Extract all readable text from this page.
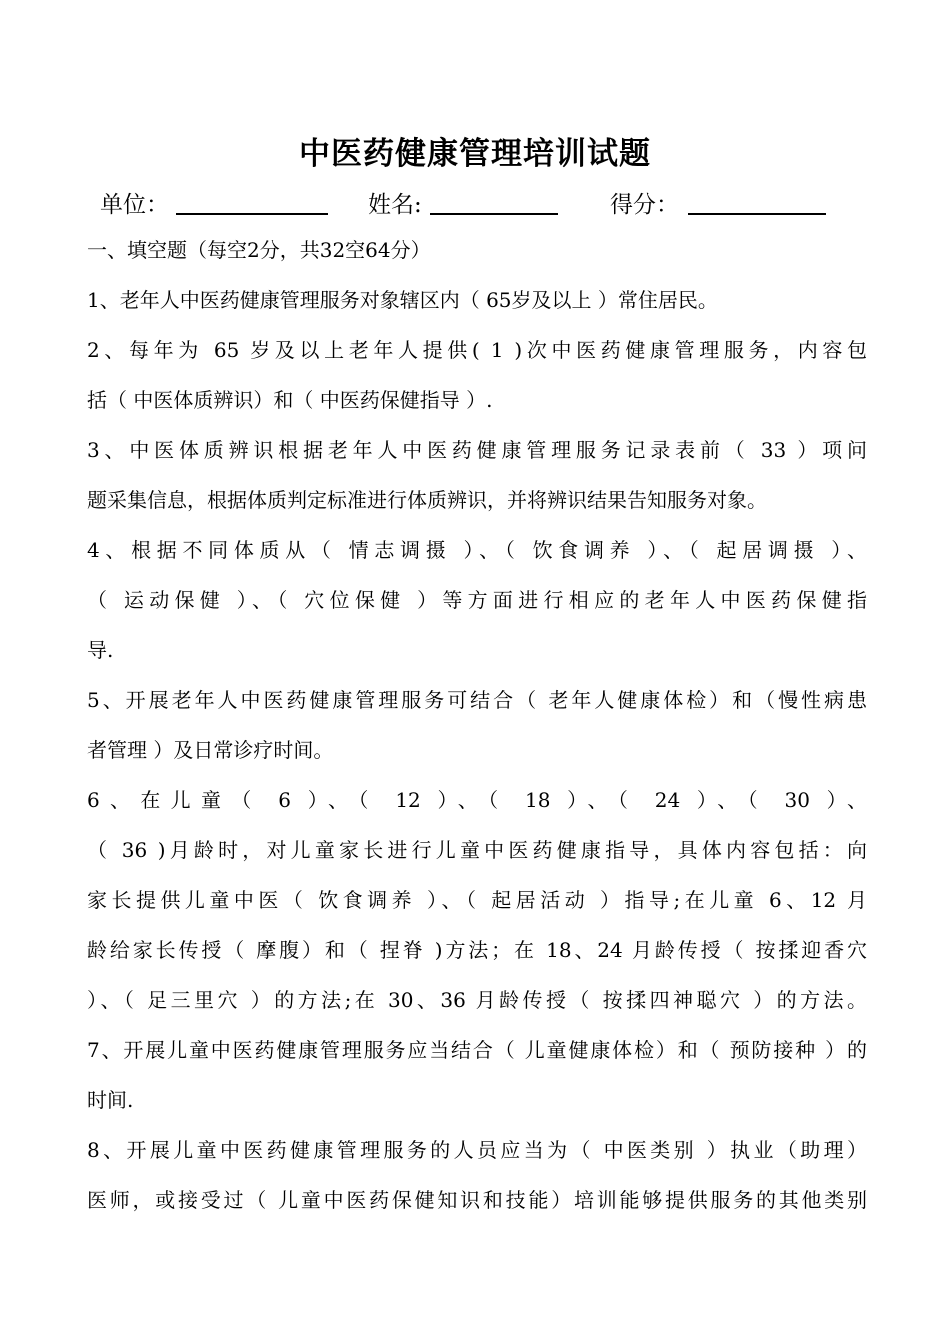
中医药健康管理培训试题
单位：	姓名:	得分：
一、填空题（每空2分，共32空64分）
1、老年人中医药健康管理服务对象辖区内（ 65岁及以上 ）常住居民。
2、每年为 65 岁及以上老年人提供( 1 )次中医药健康管理服务，内容包
括（ 中医体质辨识）和（ 中医药保健指导 ）.
3、中医体质辨识根据老年人中医药健康管理服务记录表前（ 33 ）项问
题采集信息，根据体质判定标准进行体质辨识，并将辨识结果告知服务对象。
4、根据不同体质从（ 情志调摄 ）、（ 饮食调养 ）、（ 起居调摄 ）、
（ 运动保健 ）、（ 穴位保健 ）等方面进行相应的老年人中医药保健指
导.
5、开展老年人中医药健康管理服务可结合（ 老年人健康体检）和（慢性病患
者管理 ）及日常诊疗时间。
6、在儿童（ 6 ）、（ 12 ）、（ 18 ）、（ 24 ）、（ 30 ）、
（ 36 )月龄时，对儿童家长进行儿童中医药健康指导，具体内容包括：向
家长提供儿童中医（ 饮食调养 ）、（ 起居活动 ）指导;在儿童 6、12 月
龄给家长传授（ 摩腹）和（ 捏脊 )方法；在 18、24 月龄传授（ 按揉迎香穴
）、（ 足三里穴 ）的方法;在 30、36 月龄传授（ 按揉四神聪穴 ）的方法。
7、开展儿童中医药健康管理服务应当结合（ 儿童健康体检）和（ 预防接种 ）的
时间.
8、开展儿童中医药健康管理服务的人员应当为（ 中医类别 ）执业（助理）
医师，或接受过（ 儿童中医药保健知识和技能）培训能够提供服务的其他类别
